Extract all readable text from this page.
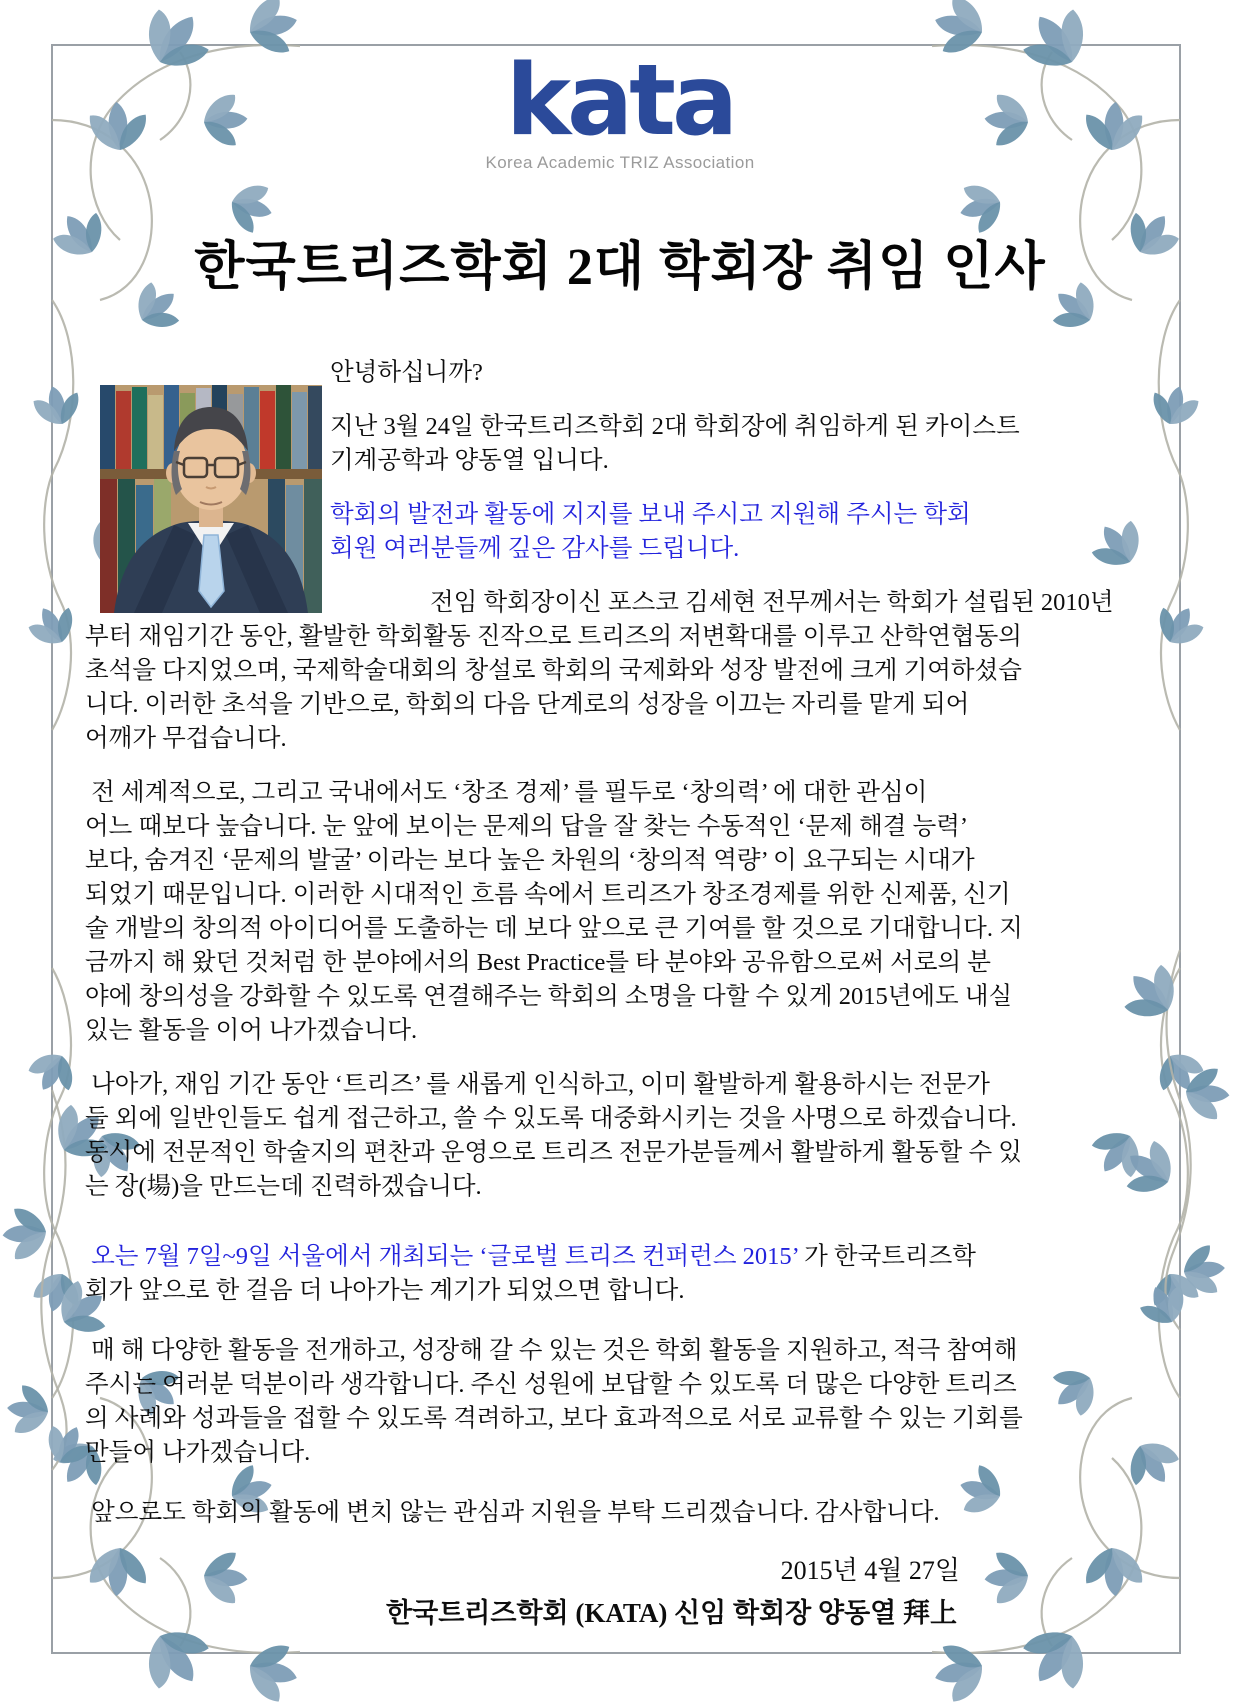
kata
Korea Academic TRIZ Association
한국트리즈학회 2대 학회장 취임 인사
안녕하십니까?
지난 3월 24일 한국트리즈학회 2대 학회장에 취임하게 된 카이스트
기계공학과 양동열 입니다.
학회의 발전과 활동에 지지를 보내 주시고 지원해 주시는 학회
회원 여러분들께 깊은 감사를 드립니다.
전임 학회장이신 포스코 김세현 전무께서는 학회가 설립된 2010년
부터 재임기간 동안, 활발한 학회활동 진작으로 트리즈의 저변확대를 이루고 산학연협동의
초석을 다지었으며, 국제학술대회의 창설로 학회의 국제화와 성장 발전에 크게 기여하셨습
니다. 이러한 초석을 기반으로, 학회의 다음 단계로의 성장을 이끄는 자리를 맡게 되어
어깨가 무겁습니다.
전 세계적으로, 그리고 국내에서도 ‘창조 경제’ 를 필두로 ‘창의력’ 에 대한 관심이
어느 때보다 높습니다. 눈 앞에 보이는 문제의 답을 잘 찾는 수동적인 ‘문제 해결 능력’
보다, 숨겨진 ‘문제의 발굴’ 이라는 보다 높은 차원의 ‘창의적 역량’ 이 요구되는 시대가
되었기 때문입니다. 이러한 시대적인 흐름 속에서 트리즈가 창조경제를 위한 신제품, 신기
술 개발의 창의적 아이디어를 도출하는 데 보다 앞으로 큰 기여를 할 것으로 기대합니다. 지
금까지 해 왔던 것처럼 한 분야에서의 Best Practice를 타 분야와 공유함으로써 서로의 분
야에 창의성을 강화할 수 있도록 연결해주는 학회의 소명을 다할 수 있게 2015년에도 내실
있는 활동을 이어 나가겠습니다.
나아가, 재임 기간 동안 ‘트리즈’ 를 새롭게 인식하고, 이미 활발하게 활용하시는 전문가
들 외에 일반인들도 쉽게 접근하고, 쓸 수 있도록 대중화시키는 것을 사명으로 하겠습니다.
동시에 전문적인 학술지의 편찬과 운영으로 트리즈 전문가분들께서 활발하게 활동할 수 있
는 장(場)을 만드는데 진력하겠습니다.
오는 7월 7일~9일 서울에서 개최되는 ‘글로벌 트리즈 컨퍼런스 2015’ 가 한국트리즈학
회가 앞으로 한 걸음 더 나아가는 계기가 되었으면 합니다.
매 해 다양한 활동을 전개하고, 성장해 갈 수 있는 것은 학회 활동을 지원하고, 적극 참여해
주시는 여러분 덕분이라 생각합니다. 주신 성원에 보답할 수 있도록 더 많은 다양한 트리즈
의 사례와 성과들을 접할 수 있도록 격려하고, 보다 효과적으로 서로 교류할 수 있는 기회를
만들어 나가겠습니다.
앞으로도 학회의 활동에 변치 않는 관심과 지원을 부탁 드리겠습니다. 감사합니다.
2015년 4월 27일
한국트리즈학회 (KATA) 신임 학회장 양동열 拜上
